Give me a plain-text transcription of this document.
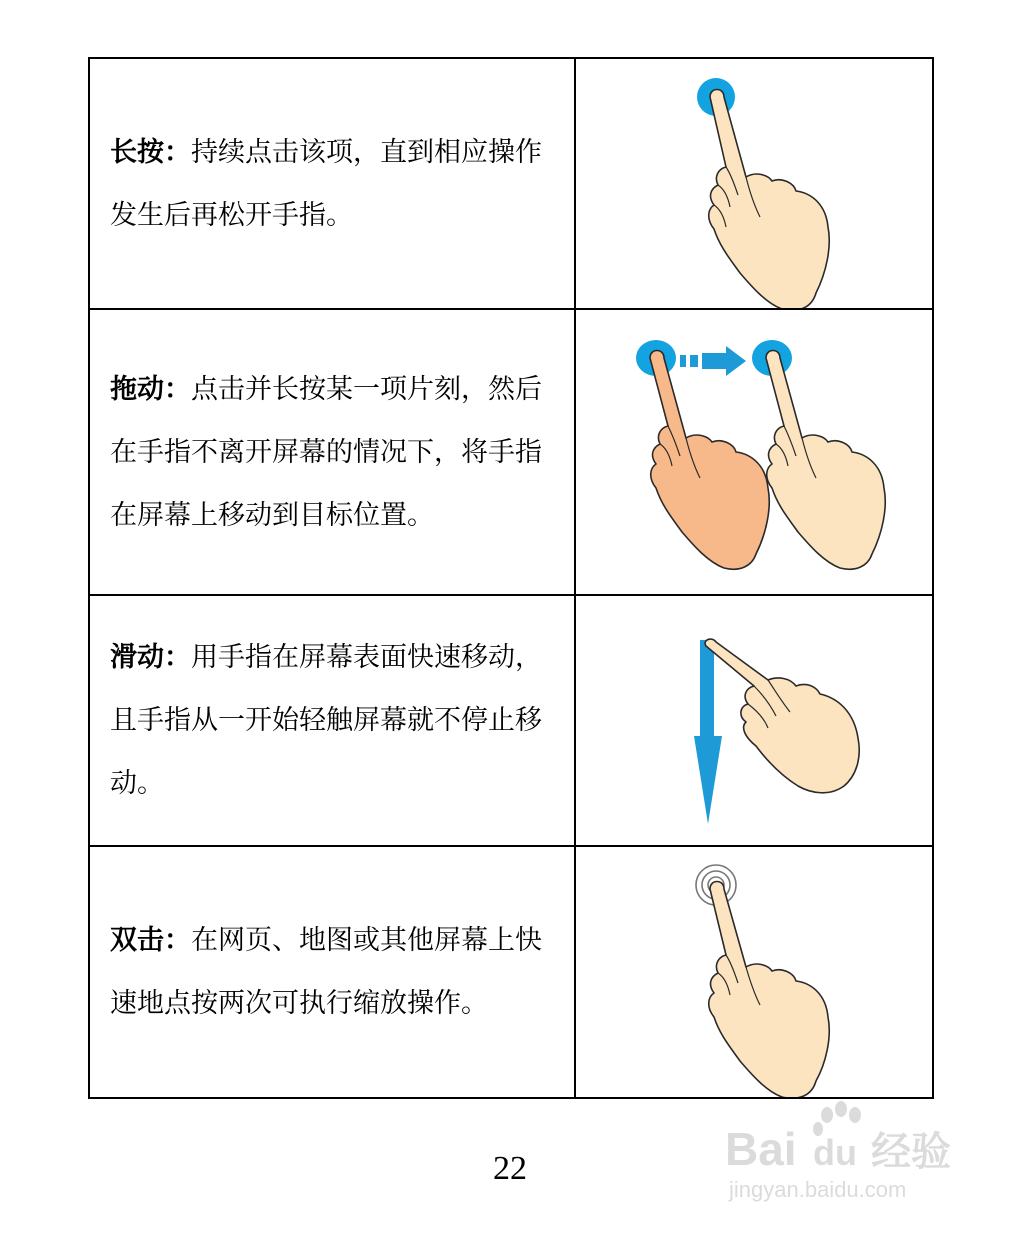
长按：持续点击该项，直到相应操作发生后再松开手指。

拖动：点击并长按某一项片刻，然后在手指不离开屏幕的情况下，将手指在屏幕上移动到目标位置。

滑动：用手指在屏幕表面快速移动，且手指从一开始轻触屏幕就不停止移动。

双击：在网页、地图或其他屏幕上快速地点按两次可执行缩放操作。

22	Bai du 经验
jingyan.baidu.com
